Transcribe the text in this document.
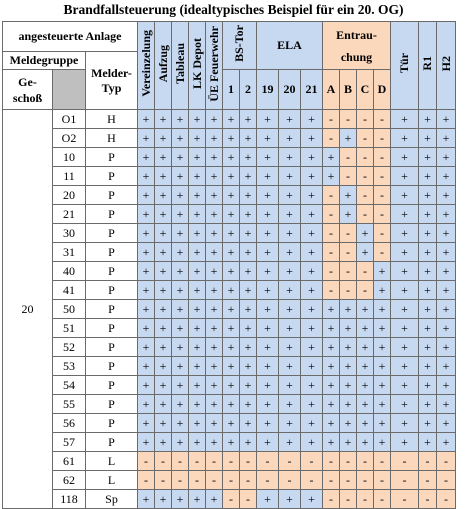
Brandfallsteuerung (idealtypisches Beispiel für ein 20. OG)
angesteuerte Anlage			Vereinzelung	Aufzug	Tableau	LK Depot	ÜE Feuerwehr	BS-Tor		ELA			Entrau-
chung				Tür	R1	H2
Meldegruppe		Melder-
Typ																	
Ge-
schoß								1	2	19	20	21	A	B	C	D			
20	O1	H	+	+	+	+	+	+	+	+	+	+	-	-	-	-	+	+	+
	O2	H	+	+	+	+	+	+	+	+	+	+	-	+	-	-	+	+	+
	10	P	+	+	+	+	+	+	+	+	+	+	+	-	-	-	+	+	+
	11	P	+	+	+	+	+	+	+	+	+	+	+	-	-	-	+	+	+
	20	P	+	+	+	+	+	+	+	+	+	+	-	+	-	-	+	+	+
	21	P	+	+	+	+	+	+	+	+	+	+	-	+	-	-	+	+	+
	30	P	+	+	+	+	+	+	+	+	+	+	-	-	+	-	+	+	+
	31	P	+	+	+	+	+	+	+	+	+	+	-	-	+	-	+	+	+
	40	P	+	+	+	+	+	+	+	+	+	+	-	-	-	+	+	+	+
	41	P	+	+	+	+	+	+	+	+	+	+	-	-	-	+	+	+	+
	50	P	+	+	+	+	+	+	+	+	+	+	+	+	+	+	+	+	+
	51	P	+	+	+	+	+	+	+	+	+	+	+	+	+	+	+	+	+
	52	P	+	+	+	+	+	+	+	+	+	+	+	+	+	+	+	+	+
	53	P	+	+	+	+	+	+	+	+	+	+	+	+	+	+	+	+	+
	54	P	+	+	+	+	+	+	+	+	+	+	+	+	+	+	+	+	+
	55	P	+	+	+	+	+	+	+	+	+	+	+	+	+	+	+	+	+
	56	P	+	+	+	+	+	+	+	+	+	+	+	+	+	+	+	+	+
	57	P	+	+	+	+	+	+	+	+	+	+	+	+	+	+	+	+	+
	61	L	-	-	-	-	-	-	-	-	-	-	-	-	-	-	-	-	-
	62	L	-	-	-	-	-	-	-	-	-	-	-	-	-	-	-	-	-
	118	Sp	+	+	+	+	+	-	-	+	+	+	-	-	-	-	-	-	-
